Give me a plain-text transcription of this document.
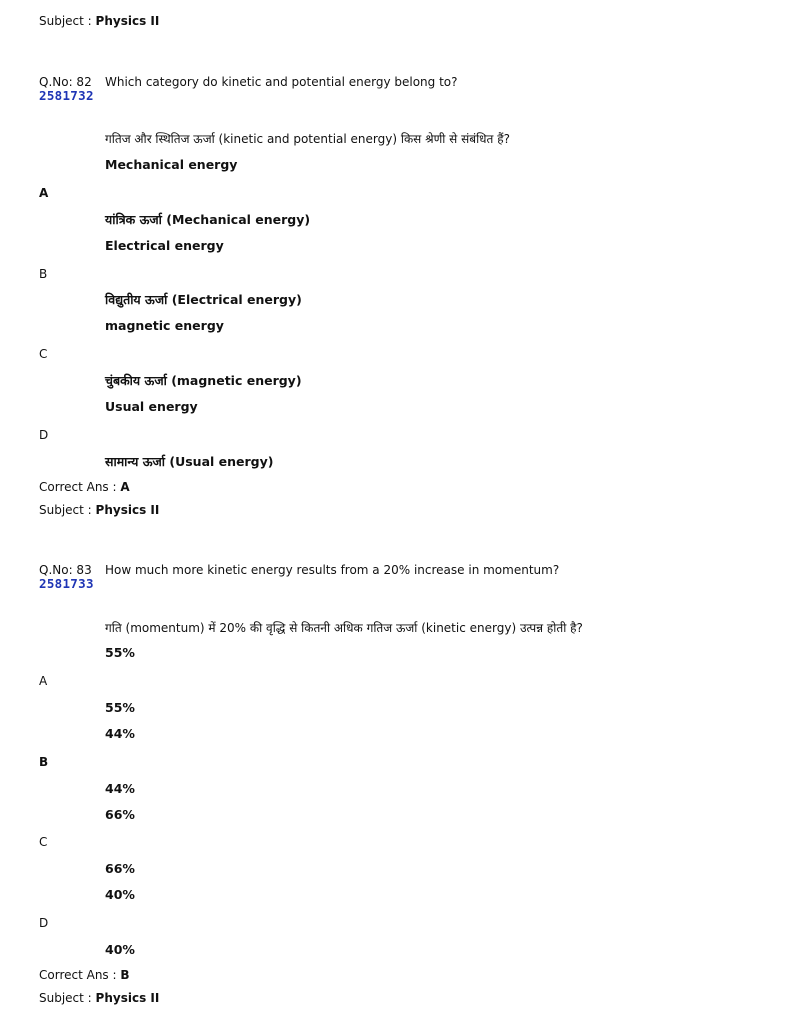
Subject : Physics II
Q.No: 82 Which category do kinetic and potential energy belong to?
2581732
गतिज और स्थितिज ऊर्जा (kinetic and potential energy) किस श्रेणी से संबंधित हैं?
Mechanical energy
A
यांत्रिक ऊर्जा (Mechanical energy)
Electrical energy
B
विद्युतीय ऊर्जा (Electrical energy)
magnetic energy
C
चुंबकीय ऊर्जा (magnetic energy)
Usual energy
D
सामान्य ऊर्जा (Usual energy)
Correct Ans : A
Subject : Physics II
Q.No: 83 How much more kinetic energy results from a 20% increase in momentum?
2581733
गति (momentum) में 20% की वृद्धि से कितनी अधिक गतिज ऊर्जा (kinetic energy) उत्पन्न होती है?
55%
A
55%
44%
B
44%
66%
C
66%
40%
D
40%
Correct Ans : B
Subject : Physics II
